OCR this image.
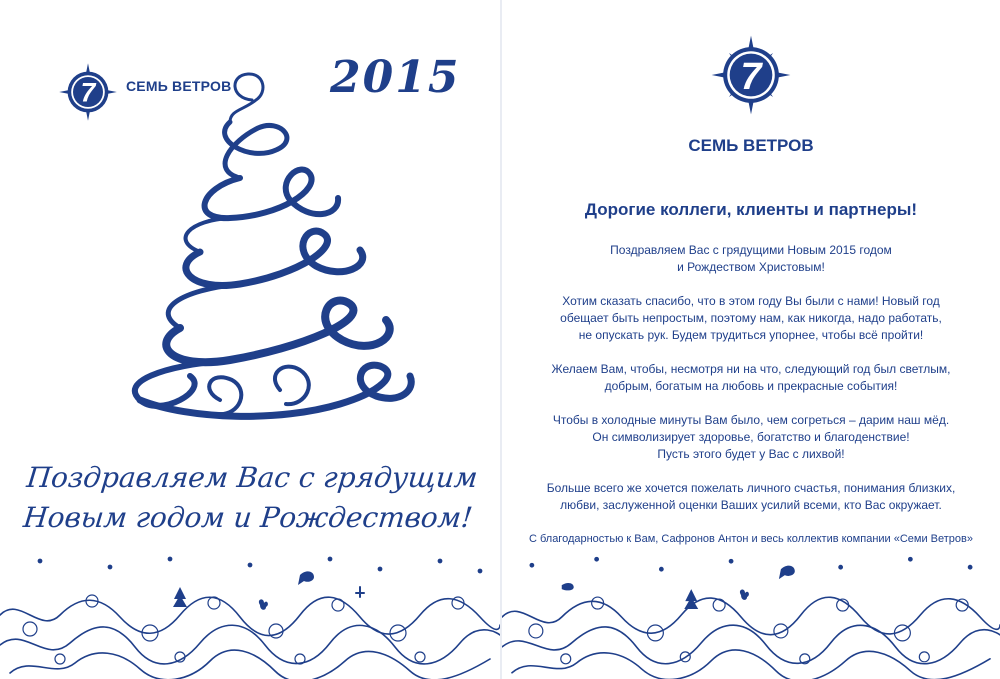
7 СЕМЬ ВЕТРОВ 2015
Поздравляем Вас с грядущим
Новым годом и Рождеством!
7
СЕМЬ ВЕТРОВ
Дорогие коллеги, клиенты и партнеры!
Поздравляем Вас с грядущими Новым 2015 годом
и Рождеством Христовым!
Хотим сказать спасибо, что в этом году Вы были с нами! Новый год
обещает быть непростым, поэтому нам, как никогда, надо работать,
не опускать рук. Будем трудиться упорнее, чтобы всё пройти!
Желаем Вам, чтобы, несмотря ни на что, следующий год был светлым,
добрым, богатым на любовь и прекрасные события!
Чтобы в холодные минуты Вам было, чем согреться – дарим наш мёд.
Он символизирует здоровье, богатство и благоденствие!
Пусть этого будет у Вас с лихвой!
Больше всего же хочется пожелать личного счастья, понимания близких,
любви, заслуженной оценки Ваших усилий всеми, кто Вас окружает.
С благодарностью к Вам, Сафронов Антон и весь коллектив компании «Семи Ветров»
